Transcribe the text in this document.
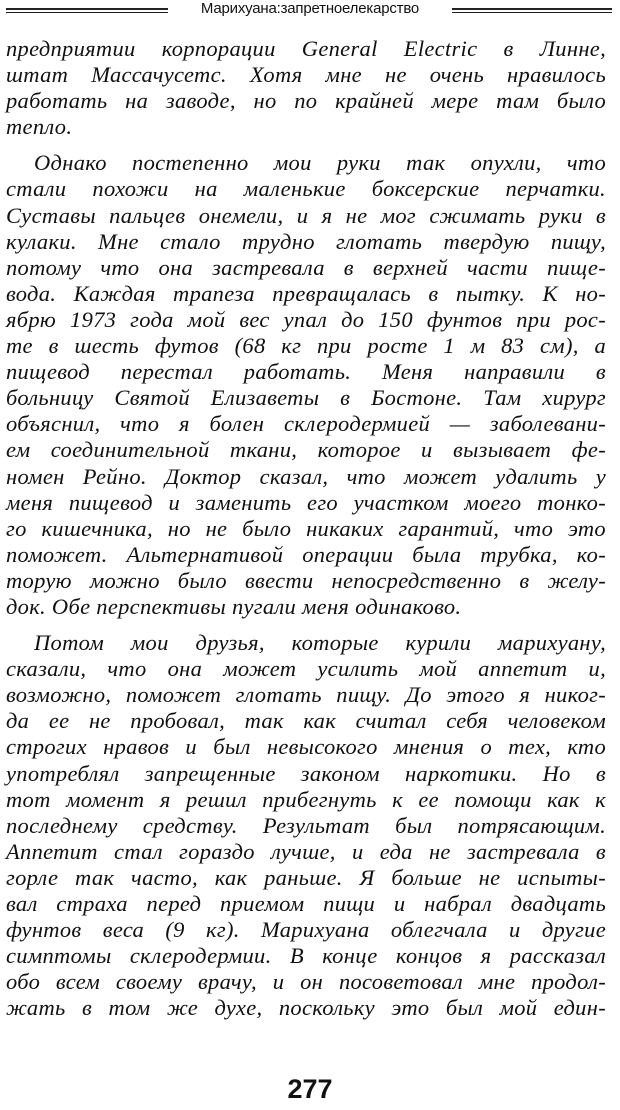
Марихуана:запретноелекарство
предприятии корпорации General Electric в Линне,
штат Массачусетс. Хотя мне не очень нравилось
работать на заводе, но по крайней мере там было
тепло.
Однако постепенно мои руки так опухли, что
стали похожи на маленькие боксерские перчатки.
Суставы пальцев онемели, и я не мог сжимать руки в
кулаки. Мне стало трудно глотать твердую пищу,
потому что она застревала в верхней части пище-
вода. Каждая трапеза превращалась в пытку. К но-
ябрю 1973 года мой вес упал до 150 фунтов при рос-
те в шесть футов (68 кг при росте 1 м 83 см), а
пищевод перестал работать. Меня направили в
больницу Святой Елизаветы в Бостоне. Там хирург
объяснил, что я болен склеродермией — заболевани-
ем соединительной ткани, которое и вызывает фе-
номен Рейно. Доктор сказал, что может удалить у
меня пищевод и заменить его участком моего тонко-
го кишечника, но не было никаких гарантий, что это
поможет. Альтернативой операции была трубка, ко-
торую можно было ввести непосредственно в желу-
док. Обе перспективы пугали меня одинаково.
Потом мои друзья, которые курили марихуану,
сказали, что она может усилить мой аппетит и,
возможно, поможет глотать пищу. До этого я никог-
да ее не пробовал, так как считал себя человеком
строгих нравов и был невысокого мнения о тех, кто
употреблял запрещенные законом наркотики. Но в
тот момент я решил прибегнуть к ее помощи как к
последнему средству. Результат был потрясающим.
Аппетит стал гораздо лучше, и еда не застревала в
горле так часто, как раньше. Я больше не испыты-
вал страха перед приемом пищи и набрал двадцать
фунтов веса (9 кг). Марихуана облегчала и другие
симптомы склеродермии. В конце концов я рассказал
обо всем своему врачу, и он посоветовал мне продол-
жать в том же духе, поскольку это был мой един-
277
